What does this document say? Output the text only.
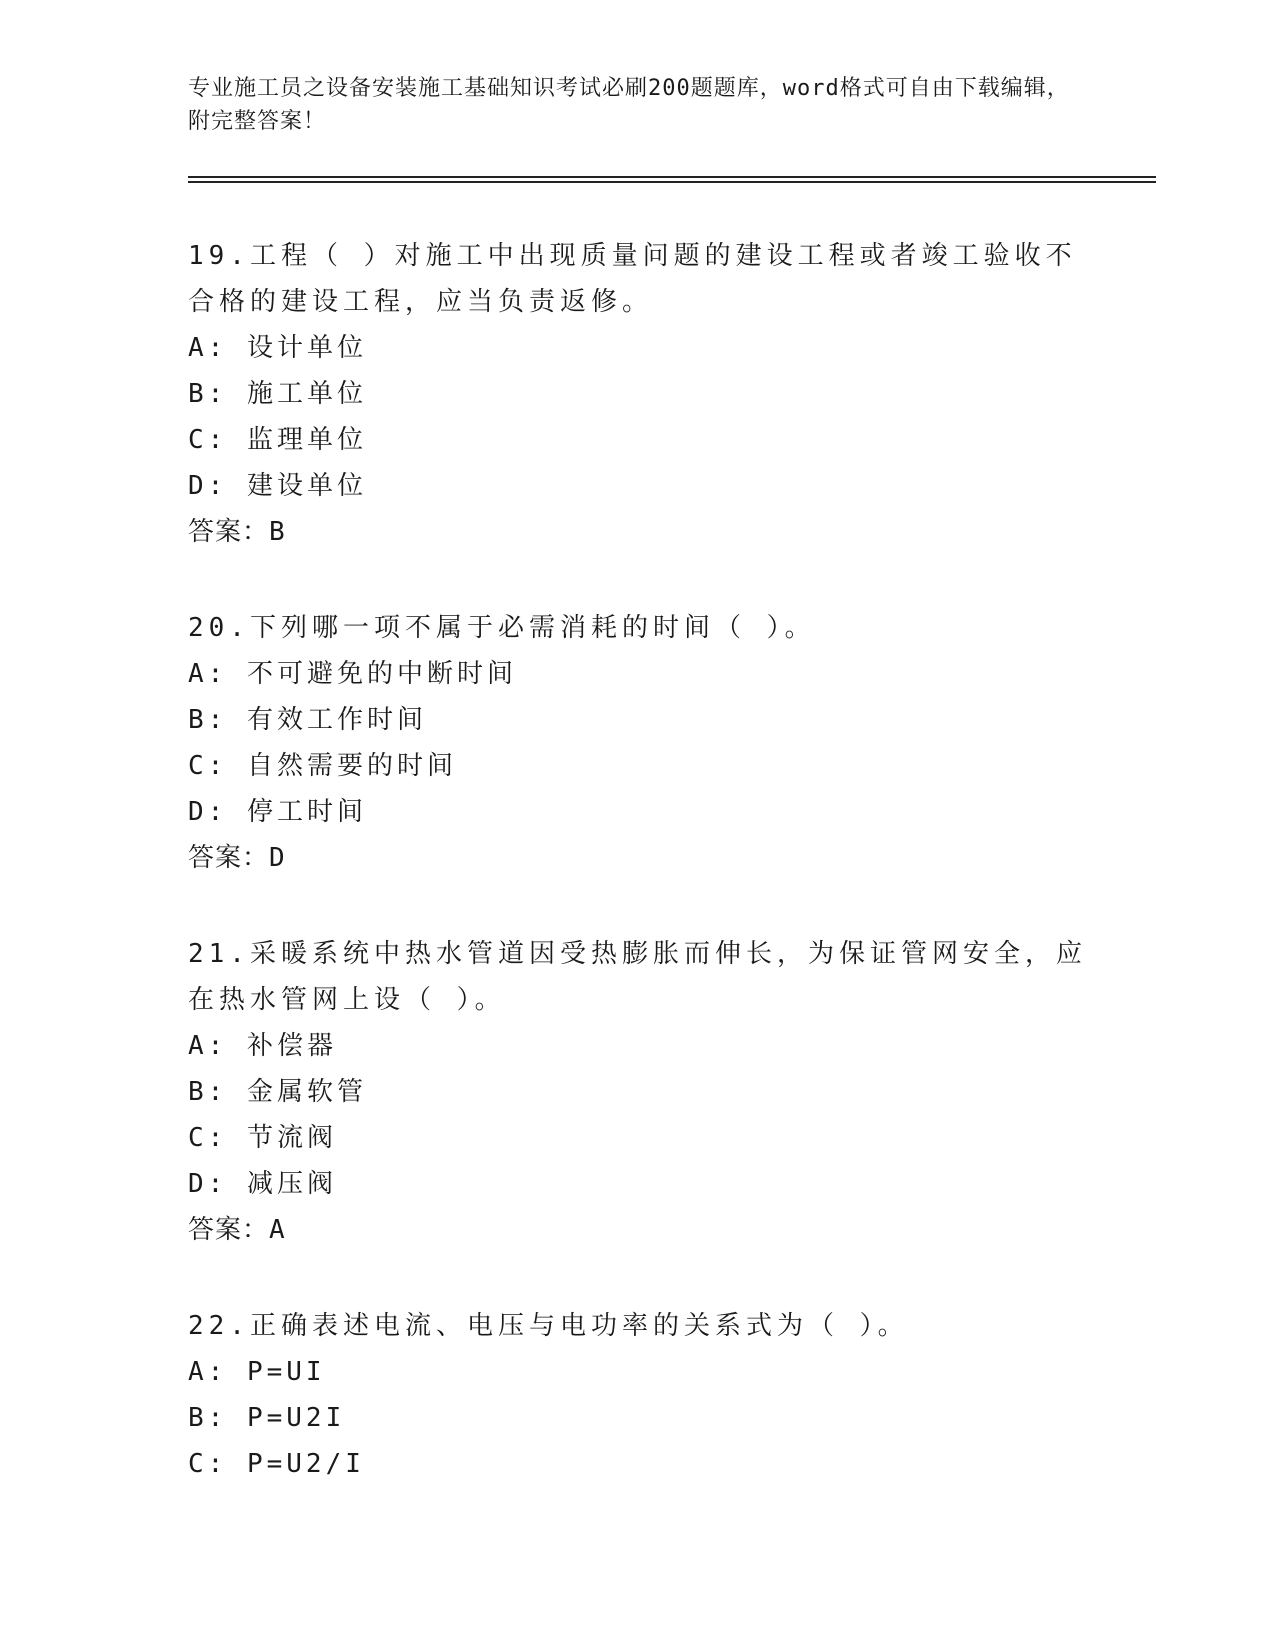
专业施工员之设备安装施工基础知识考试必刷200题题库，word格式可自由下载编辑，附完整答案！
19.工程（ ）对施工中出现质量问题的建设工程或者竣工验收不合格的建设工程，应当负责返修。
A: 设计单位
B: 施工单位
C: 监理单位
D: 建设单位
答案：B
20.下列哪一项不属于必需消耗的时间（ ）。
A: 不可避免的中断时间
B: 有效工作时间
C: 自然需要的时间
D: 停工时间
答案：D
21.采暖系统中热水管道因受热膨胀而伸长，为保证管网安全，应在热水管网上设（ ）。
A: 补偿器
B: 金属软管
C: 节流阀
D: 减压阀
答案：A
22.正确表述电流、电压与电功率的关系式为（ ）。
A: P=UI
B: P=U2I
C: P=U2/I
